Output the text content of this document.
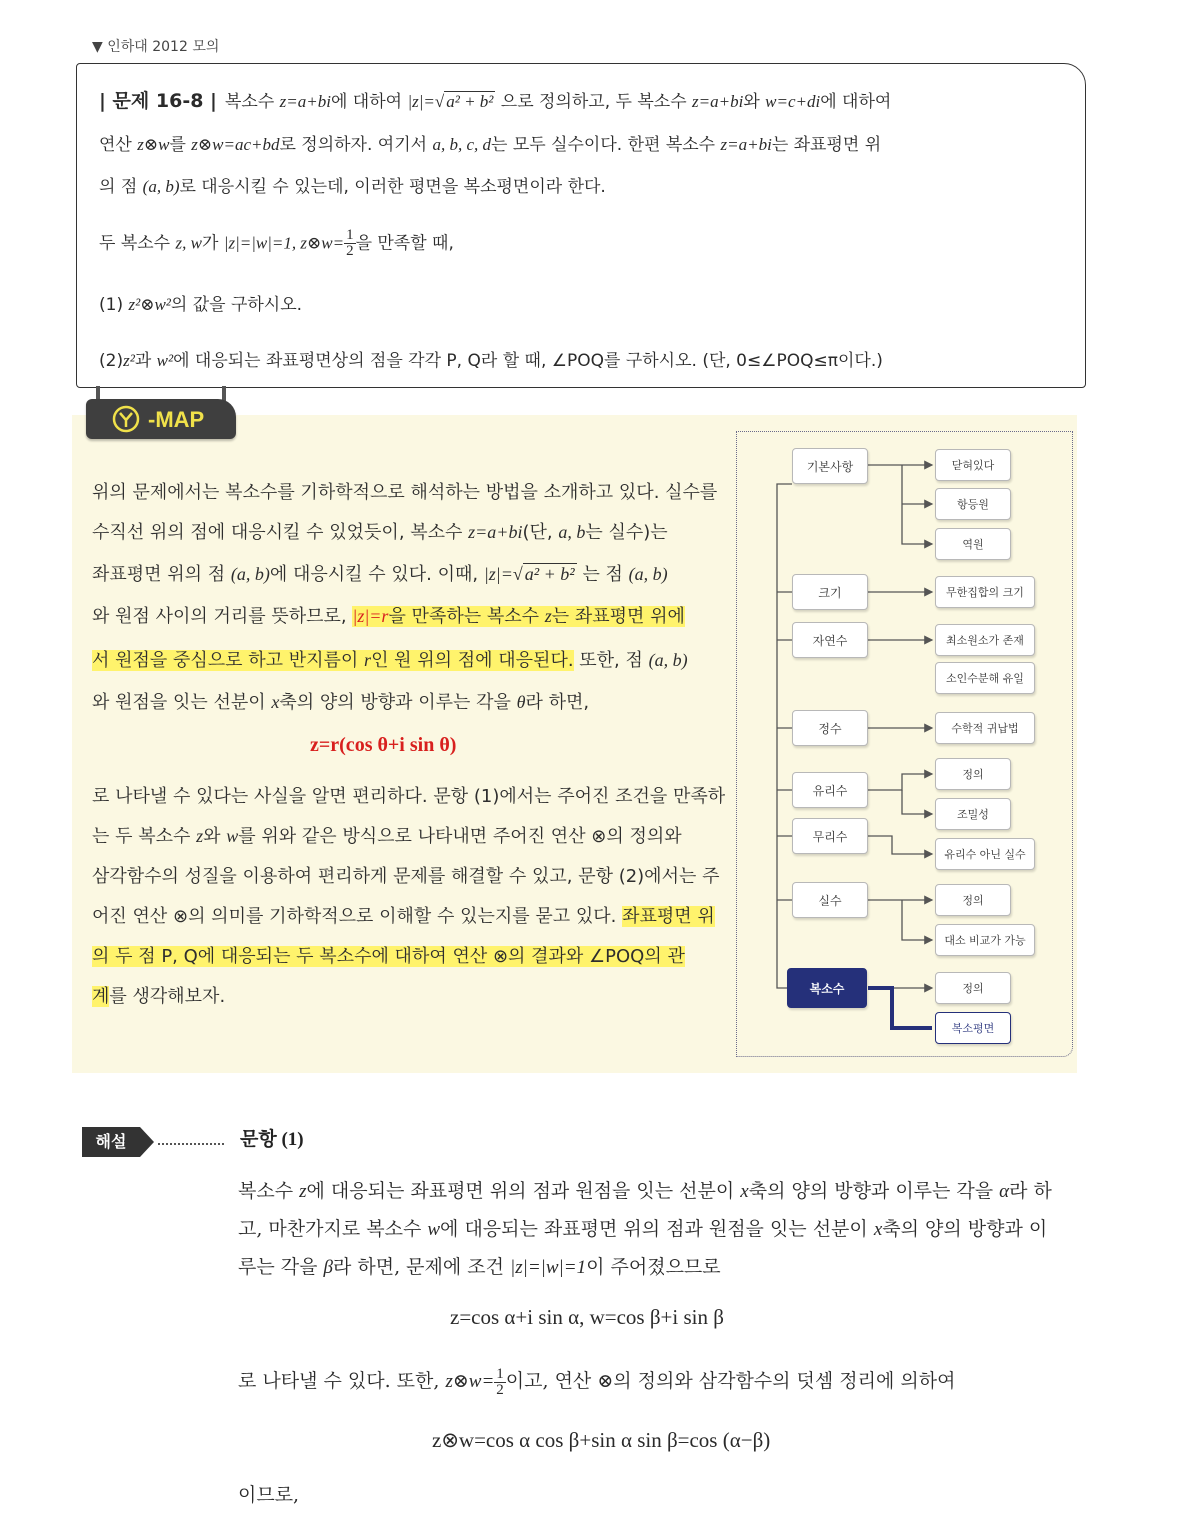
▼ 인하대 2012 모의
| 문제 16-8 | 복소수 z=a+bi에 대하여 |z|=√ a² + b² 으로 정의하고, 두 복소수 z=a+bi와 w=c+di에 대하여
연산 z⊗w를 z⊗w=ac+bd로 정의하자. 여기서 a, b, c, d는 모두 실수이다. 한편 복소수 z=a+bi는 좌표평면 위
의 점 (a, b)로 대응시킬 수 있는데, 이러한 평면을 복소평면이라 한다.
두 복소수 z, w가 |z|=|w|=1, z⊗w= $\frac{1}{2}$ 을 만족할 때,
(1) z²⊗w²의 값을 구하시오.
(2)z²과 w²에 대응되는 좌표평면상의 점을 각각 P, Q라 할 때, ∠POQ를 구하시오. (단, 0≤∠POQ≤π이다.)
-MAP
위의 문제에서는 복소수를 기하학적으로 해석하는 방법을 소개하고 있다. 실수를
수직선 위의 점에 대응시킬 수 있었듯이, 복소수 z=a+bi(단, a, b는 실수)는
좌표평면 위의 점 (a, b)에 대응시킬 수 있다. 이때, |z|=√ a² + b² 는 점 (a, b)
와 원점 사이의 거리를 뜻하므로, |z|=r을 만족하는 복소수 z는 좌표평면 위에
서 원점을 중심으로 하고 반지름이 r인 원 위의 점에 대응된다. 또한, 점 (a, b)
와 원점을 잇는 선분이 x축의 양의 방향과 이루는 각을 θ라 하면,
z=r(cos θ+i sin θ)
로 나타낼 수 있다는 사실을 알면 편리하다. 문항 (1)에서는 주어진 조건을 만족하
는 두 복소수 z와 w를 위와 같은 방식으로 나타내면 주어진 연산 ⊗의 정의와
삼각함수의 성질을 이용하여 편리하게 문제를 해결할 수 있고, 문항 (2)에서는 주
어진 연산 ⊗의 의미를 기하학적으로 이해할 수 있는지를 묻고 있다. 좌표평면 위
의 두 점 P, Q에 대응되는 두 복소수에 대하여 연산 ⊗의 결과와 ∠POQ의 관
계를 생각해보자.
기본사항
크기
자연수
정수
유리수
무리수
실수
복소수
닫혀있다
항등원
역원
무한집합의 크기
최소원소가 존재
소인수분해 유일
수학적 귀납법
정의
조밀성
유리수 아닌 실수
정의
대소 비교가 가능
정의
복소평면
해설	문항 (1)
복소수 z에 대응되는 좌표평면 위의 점과 원점을 잇는 선분이 x축의 양의 방향과 이루는 각을 α라 하
고, 마찬가지로 복소수 w에 대응되는 좌표평면 위의 점과 원점을 잇는 선분이 x축의 양의 방향과 이
루는 각을 β라 하면, 문제에 조건 |z|=|w|=1이 주어졌으므로
z=cos α+i sin α, w=cos β+i sin β
로 나타낼 수 있다. 또한, z⊗w= $\frac{1}{2}$ 이고, 연산 ⊗의 정의와 삼각함수의 덧셈 정리에 의하여
z⊗w=cos α cos β+sin α sin β=cos (α−β)
이므로,
